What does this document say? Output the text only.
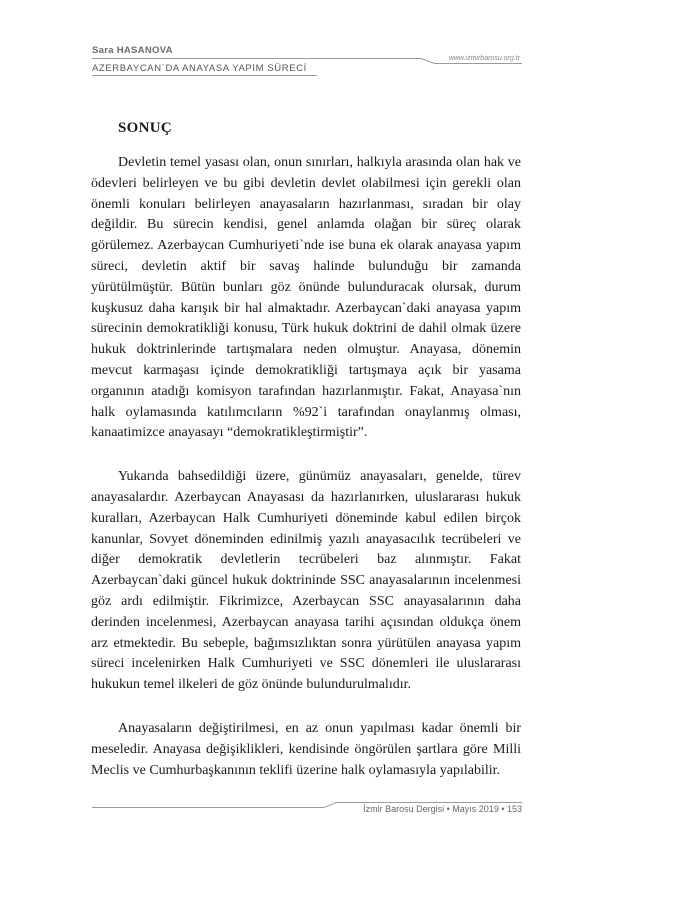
Sara HASANOVA
www.izmirbarosu.org.tr
AZERBAYCAN`DA ANAYASA YAPIM SÜRECİ
SONUÇ

Devletin temel yasası olan, onun sınırları, halkıyla arasında olan hak ve ödevleri belirleyen ve bu gibi devletin devlet olabilmesi için gerekli olan önemli konuları belirleyen anayasaların hazırlanması, sıradan bir olay değildir. Bu sürecin kendisi, genel anlamda olağan bir süreç olarak görülemez. Azerbaycan Cumhuriyeti`nde ise buna ek olarak anayasa yapım süreci, devletin aktif bir savaş halinde bulunduğu bir zamanda yürütülmüştür. Bütün bunları göz önünde bulunduracak olursak, durum kuşkusuz daha karışık bir hal almaktadır. Azerbaycan`daki anayasa yapım sürecinin demokratikliği konusu, Türk hukuk doktrini de dahil olmak üzere hukuk doktrinlerinde tartışmalara neden olmuştur. Anayasa, dönemin mevcut karmaşası içinde demokratikliği tartışmaya açık bir yasama organının atadığı komisyon tarafından hazırlanmıştır. Fakat, Anayasa`nın halk oylamasında katılımcıların %92`i tarafından onaylanmış olması, kanaatimizce anayasayı “demokratikleştirmiştir”.

Yukarıda bahsedildiği üzere, günümüz anayasaları, genelde, türev anayasalardır. Azerbaycan Anayasası da hazırlanırken, uluslararası hukuk kuralları, Azerbaycan Halk Cumhuriyeti döneminde kabul edilen birçok kanunlar, Sovyet döneminden edinilmiş yazılı anayasacılık tecrübeleri ve diğer demokratik devletlerin tecrübeleri baz alınmıştır. Fakat Azerbaycan`daki güncel hukuk doktrininde SSC anayasalarının incelenmesi göz ardı edilmiştir. Fikrimizce, Azerbaycan SSC anayasalarının daha derinden incelenmesi, Azerbaycan anayasa tarihi açısından oldukça önem arz etmektedir. Bu sebeple, bağımsızlıktan sonra yürütülen anayasa yapım süreci incelenirken Halk Cumhuriyeti ve SSC dönemleri ile uluslararası hukukun temel ilkeleri de göz önünde bulundurulmalıdır.

Anayasaların değiştirilmesi, en az onun yapılması kadar önemli bir meseledir. Anayasa değişiklikleri, kendisinde öngörülen şartlara göre Milli Meclis ve Cumhurbaşkanının teklifi üzerine halk oylamasıyla yapılabilir.

İzmir Barosu Dergisi • Mayıs 2019 • 153
